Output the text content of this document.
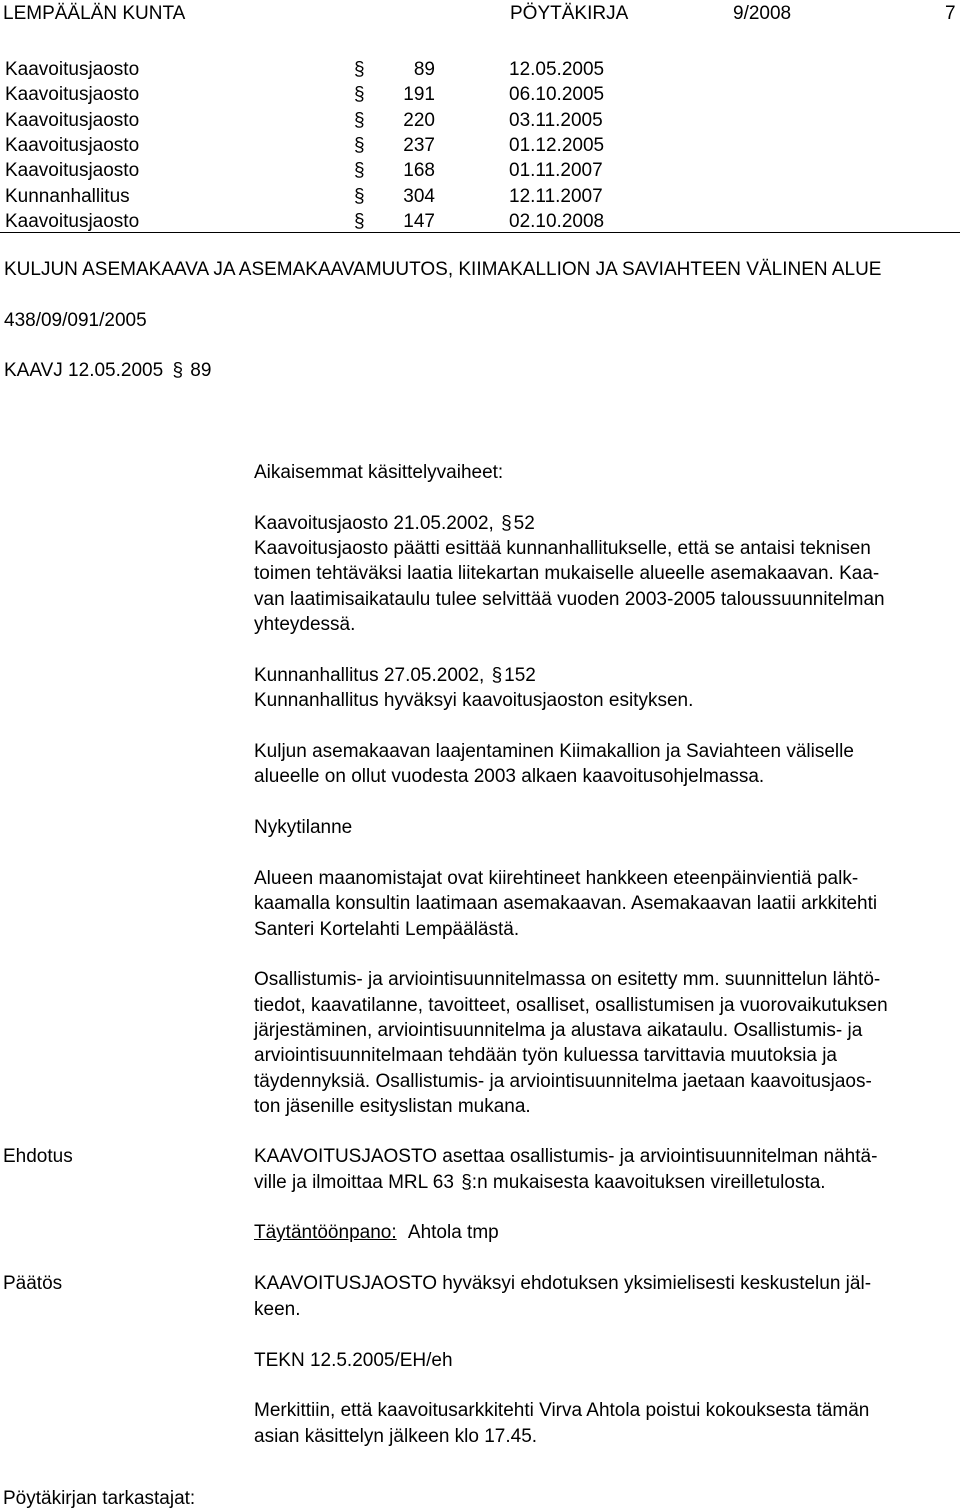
LEMPÄÄLÄN KUNTA	PÖYTÄKIRJA	9/2008	7
Kaavoitusjaosto	§	89	12.05.2005
Kaavoitusjaosto	§ 191	06.10.2005
Kaavoitusjaosto	§ 220	03.11.2005
Kaavoitusjaosto	§ 237	01.12.2005
Kaavoitusjaosto	§ 168	01.11.2007
Kunnanhallitus	§ 304	12.11.2007
Kaavoitusjaosto	§ 147	02.10.2008
KULJUN ASEMAKAAVA JA ASEMAKAAVAMUUTOS, KIIMAKALLION JA SAVIAHTEEN VÄLINEN ALUE
438/09/091/2005
KAAVJ 12.05.2005 § 89
Aikaisemmat käsittelyvaiheet:
Kaavoitusjaosto 21.05.2002, § 52
Kaavoitusjaosto päätti esittää kunnanhallitukselle, että se antaisi teknisen
toimen tehtäväksi laatia liitekartan mukaiselle alueelle asemakaavan. Kaa-
van laatimisaikataulu tulee selvittää vuoden 2003-2005 taloussuunnitelman
yhteydessä.
Kunnanhallitus 27.05.2002, § 152
Kunnanhallitus hyväksyi kaavoitusjaoston esityksen.
Kuljun asemakaavan laajentaminen Kiimakallion ja Saviahteen väliselle
alueelle on ollut vuodesta 2003 alkaen kaavoitusohjelmassa.
Nykytilanne
Alueen maanomistajat ovat kiirehtineet hankkeen eteenpäinvientiä palk-
kaamalla konsultin laatimaan asemakaavan. Asemakaavan laatii arkkitehti
Santeri Kortelahti Lempäälästä.
Osallistumis- ja arviointisuunnitelmassa on esitetty mm. suunnittelun lähtö-
tiedot, kaavatilanne, tavoitteet, osalliset, osallistumisen ja vuorovaikutuksen
järjestäminen, arviointisuunnitelma ja alustava aikataulu. Osallistumis- ja
arviointisuunnitelmaan tehdään työn kuluessa tarvittavia muutoksia ja
täydennyksiä. Osallistumis- ja arviointisuunnitelma jaetaan kaavoitusjaos-
ton jäsenille esityslistan mukana.
Ehdotus	KAAVOITUSJAOSTO asettaa osallistumis- ja arviointisuunnitelman nähtä-
ville ja ilmoittaa MRL 63 §:n mukaisesta kaavoituksen vireilletulosta.
Täytäntöönpano: Ahtola tmp
Päätös	KAAVOITUSJAOSTO hyväksyi ehdotuksen yksimielisesti keskustelun jäl-
keen.
TEKN 12.5.2005/EH/eh
Merkittiin, että kaavoitusarkkitehti Virva Ahtola poistui kokouksesta tämän
asian käsittelyn jälkeen klo 17.45.
Pöytäkirjan tarkastajat:
